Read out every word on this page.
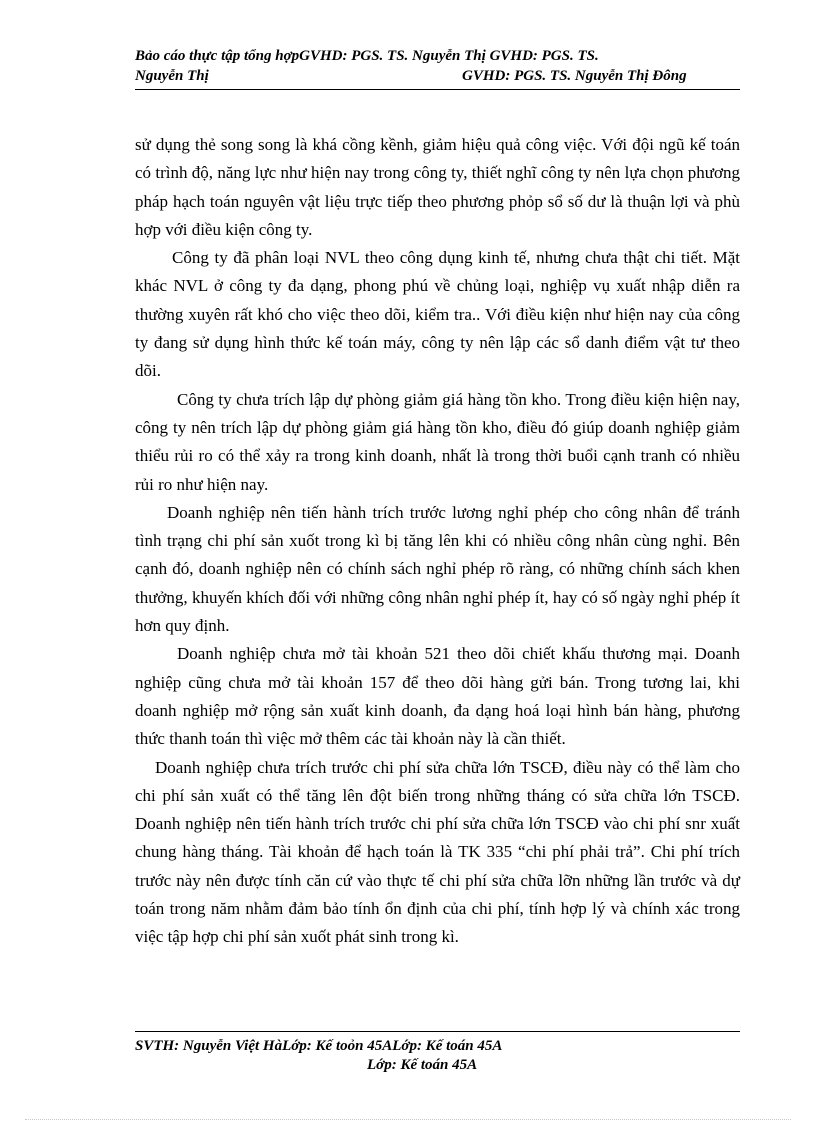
Bảo cáo thực tập tổng hợpGVHD: PGS. TS. Nguyễn Thị GVHD: PGS. TS.
Nguyễn Thị	GVHD: PGS. TS. Nguyễn Thị Đông

sử dụng thẻ song song là khá cồng kềnh, giảm hiệu quả công việc. Với đội ngũ kế toán có trình độ, năng lực như hiện nay trong công ty, thiết nghĩ công ty nên lựa chọn phương pháp hạch toán nguyên vật liệu trực tiếp theo phương phỏp sổ số dư là thuận lợi và phù hợp với điều kiện công ty.

Công ty đã phân loại NVL theo công dụng kinh tế, nhưng chưa thật chi tiết. Mặt khác NVL ở công ty đa dạng, phong phú về chủng loại, nghiệp vụ xuất nhập diễn ra thường xuyên rất khó cho việc theo dõi, kiểm tra.. Với điều kiện như hiện nay của công ty đang sử dụng hình thức kế toán máy, công ty nên lập các sổ danh điểm vật tư theo dõi.

Công ty chưa trích lập dự phòng giảm giá hàng tồn kho. Trong điều kiện hiện nay, công ty nên trích lập dự phòng giảm giá hàng tồn kho, điều đó giúp doanh nghiệp giảm thiểu rủi ro có thể xảy ra trong kinh doanh, nhất là trong thời buổi cạnh tranh có nhiều rủi ro như hiện nay.

Doanh nghiệp nên tiến hành trích trước lương nghỉ phép cho công nhân để tránh tình trạng chi phí sản xuốt trong kì bị tăng lên khi có nhiều công nhân cùng nghỉ. Bên cạnh đó, doanh nghiệp nên có chính sách nghỉ phép rõ ràng, có những chính sách khen thưởng, khuyến khích đối với những công nhân nghỉ phép ít, hay có số ngày nghỉ phép ít hơn quy định.

Doanh nghiệp chưa mở tài khoản 521 theo dõi chiết khấu thương mại. Doanh nghiệp cũng chưa mở tài khoản 157 để theo dõi hàng gửi bán. Trong tương lai, khi doanh nghiệp mở rộng sản xuất kinh doanh, đa dạng hoá loại hình bán hàng, phương thức thanh toán thì việc mở thêm các tài khoản này là cần thiết.

Doanh nghiệp chưa trích trước chi phí sửa chữa lớn TSCĐ, điều này có thể làm cho chi phí sản xuất có thể tăng lên đột biến trong những tháng có sửa chữa lớn TSCĐ. Doanh nghiệp nên tiến hành trích trước chi phí sửa chữa lớn TSCĐ vào chi phí snr xuất chung hàng tháng. Tài khoản để hạch toán là TK 335 “chi phí phải trả”. Chi phí trích trước này nên được tính căn cứ vào thực tế chi phí sửa chữa lỡn những lần trước và dự toán trong năm nhằm đảm bảo tính ổn định của chi phí, tính hợp lý và chính xác trong việc tập hợp chi phí sản xuốt phát sinh trong kì.

SVTH: Nguyễn Việt HàLớp: Kế toỏn 45ALớp: Kế toán 45A
Lớp: Kế toán 45A
